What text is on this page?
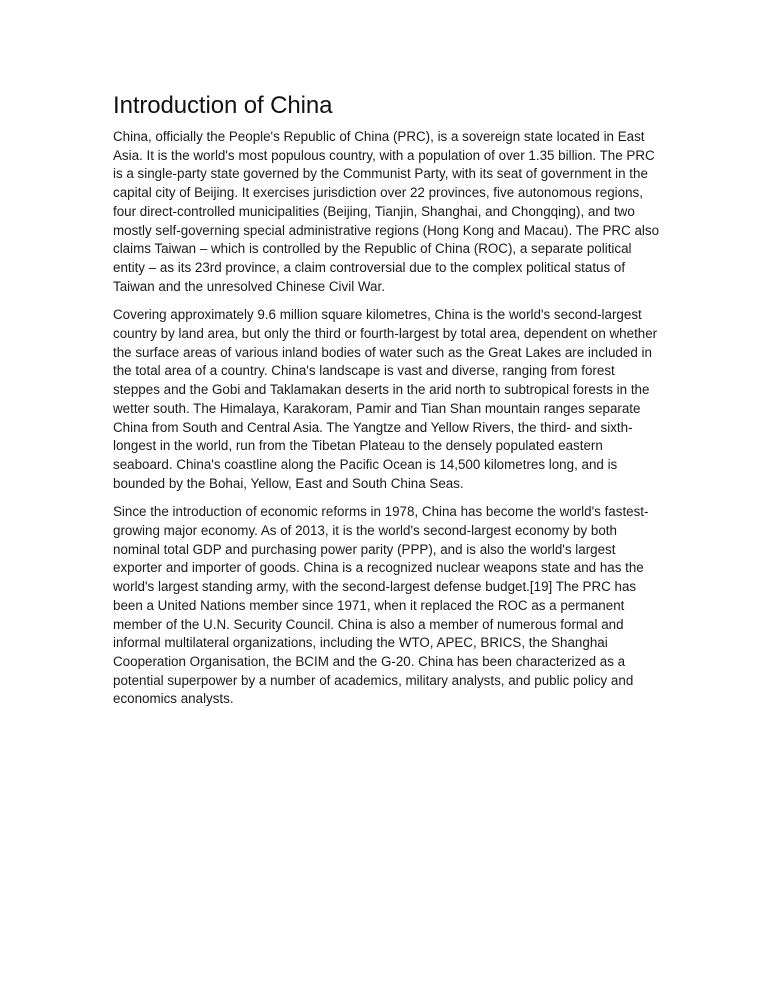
Introduction of China

China, officially the People's Republic of China (PRC), is a sovereign state located in East Asia. It is the world's most populous country, with a population of over 1.35 billion. The PRC is a single-party state governed by the Communist Party, with its seat of government in the capital city of Beijing. It exercises jurisdiction over 22 provinces, five autonomous regions, four direct-controlled municipalities (Beijing, Tianjin, Shanghai, and Chongqing), and two mostly self-governing special administrative regions (Hong Kong and Macau). The PRC also claims Taiwan – which is controlled by the Republic of China (ROC), a separate political entity – as its 23rd province, a claim controversial due to the complex political status of Taiwan and the unresolved Chinese Civil War.

Covering approximately 9.6 million square kilometres, China is the world's second-largest country by land area, but only the third or fourth-largest by total area, dependent on whether the surface areas of various inland bodies of water such as the Great Lakes are included in the total area of a country. China's landscape is vast and diverse, ranging from forest steppes and the Gobi and Taklamakan deserts in the arid north to subtropical forests in the wetter south. The Himalaya, Karakoram, Pamir and Tian Shan mountain ranges separate China from South and Central Asia. The Yangtze and Yellow Rivers, the third- and sixth-longest in the world, run from the Tibetan Plateau to the densely populated eastern seaboard. China's coastline along the Pacific Ocean is 14,500 kilometres long, and is bounded by the Bohai, Yellow, East and South China Seas.

Since the introduction of economic reforms in 1978, China has become the world's fastest-growing major economy. As of 2013, it is the world's second-largest economy by both nominal total GDP and purchasing power parity (PPP), and is also the world's largest exporter and importer of goods. China is a recognized nuclear weapons state and has the world's largest standing army, with the second-largest defense budget.[19] The PRC has been a United Nations member since 1971, when it replaced the ROC as a permanent member of the U.N. Security Council. China is also a member of numerous formal and informal multilateral organizations, including the WTO, APEC, BRICS, the Shanghai Cooperation Organisation, the BCIM and the G-20. China has been characterized as a potential superpower by a number of academics, military analysts, and public policy and economics analysts.
